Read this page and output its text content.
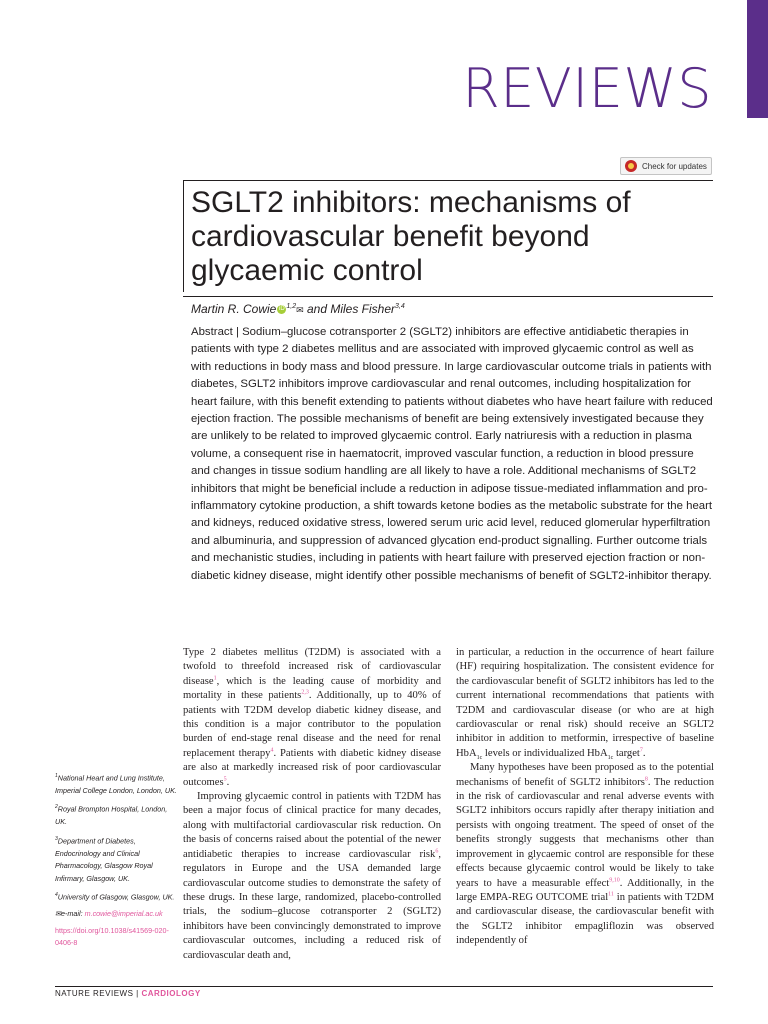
REVIEWS
Check for updates
SGLT2 inhibitors: mechanisms of cardiovascular benefit beyond glycaemic control
Martin R. Cowie iD $^{1,2}$✉ and Miles Fisher$^{3,4}$

Abstract | Sodium–glucose cotransporter 2 (SGLT2) inhibitors are effective antidiabetic therapies in patients with type 2 diabetes mellitus and are associated with improved glycaemic control as well as with reductions in body mass and blood pressure. In large cardiovascular outcome trials in patients with diabetes, SGLT2 inhibitors improve cardiovascular and renal outcomes, including hospitalization for heart failure, with this benefit extending to patients without diabetes who have heart failure with reduced ejection fraction. The possible mechanisms of benefit are being extensively investigated because they are unlikely to be related to improved glycaemic control. Early natriuresis with a reduction in plasma volume, a consequent rise in haematocrit, improved vascular function, a reduction in blood pressure and changes in tissue sodium handling are all likely to have a role. Additional mechanisms of SGLT2 inhibitors that might be beneficial include a reduction in adipose tissue-mediated inflammation and pro-inflammatory cytokine production, a shift towards ketone bodies as the metabolic substrate for the heart and kidneys, reduced oxidative stress, lowered serum uric acid level, reduced glomerular hyperfiltration and albuminuria, and suppression of advanced glycation end-product signalling. Further outcome trials and mechanistic studies, including in patients with heart failure with preserved ejection fraction or non-diabetic kidney disease, might identify other possible mechanisms of benefit of SGLT2-inhibitor therapy.

Type 2 diabetes mellitus (T2DM) is associated with a twofold to threefold increased risk of cardiovascular disease$^1$, which is the leading cause of morbidity and mortality in these patients$^{2,3}$. Additionally, up to 40% of patients with T2DM develop diabetic kidney disease, and this condition is a major contributor to the population burden of end-stage renal disease and the need for renal replacement therapy$^4$. Patients with diabetic kidney disease are also at markedly increased risk of poor cardiovascular outcomes$^5$.

Improving glycaemic control in patients with T2DM has been a major focus of clinical practice for many decades, along with multifactorial cardiovascular risk reduction. On the basis of concerns raised about the potential of the newer antidiabetic therapies to increase cardiovascular risk$^6$, regulators in Europe and the USA demanded large cardiovascular outcome studies to demonstrate the safety of these drugs. In these large, randomized, placebo-controlled trials, the sodium–glucose cotransporter 2 (SGLT2) inhibitors have been convincingly demonstrated to improve cardiovascular outcomes, including a reduced risk of cardiovascular death and,

in particular, a reduction in the occurrence of heart failure (HF) requiring hospitalization. The consistent evidence for the cardiovascular benefit of SGLT2 inhibitors has led to the current international recommendations that patients with T2DM and cardiovascular disease (or who are at high cardiovascular or renal risk) should receive an SGLT2 inhibitor in addition to metformin, irrespective of baseline HbA$_{1c}$ levels or individualized HbA$_{1c}$ target$^7$.

Many hypotheses have been proposed as to the potential mechanisms of benefit of SGLT2 inhibitors$^8$. The reduction in the risk of cardiovascular and renal adverse events with SGLT2 inhibitors occurs rapidly after therapy initiation and persists with ongoing treatment. The speed of onset of the benefits strongly suggests that mechanisms other than improvement in glycaemic control are responsible for these effects because glycaemic control would be likely to take years to have a measurable effect$^{9,10}$. Additionally, in the large EMPA-REG OUTCOME trial$^{11}$ in patients with T2DM and cardiovascular disease, the cardiovascular benefit with the SGLT2 inhibitor empagliflozin was observed independently of

$^1$National Heart and Lung Institute, Imperial College London, London, UK.

$^2$Royal Brompton Hospital, London, UK.

$^3$Department of Diabetes, Endocrinology and Clinical Pharmacology, Glasgow Royal Infirmary, Glasgow, UK.

$^4$University of Glasgow, Glasgow, UK.

✉e-mail: m.cowie@imperial.ac.uk

https://doi.org/10.1038/s41569-020-0406-8

NATURE REVIEWS | CARDIOLOGY
